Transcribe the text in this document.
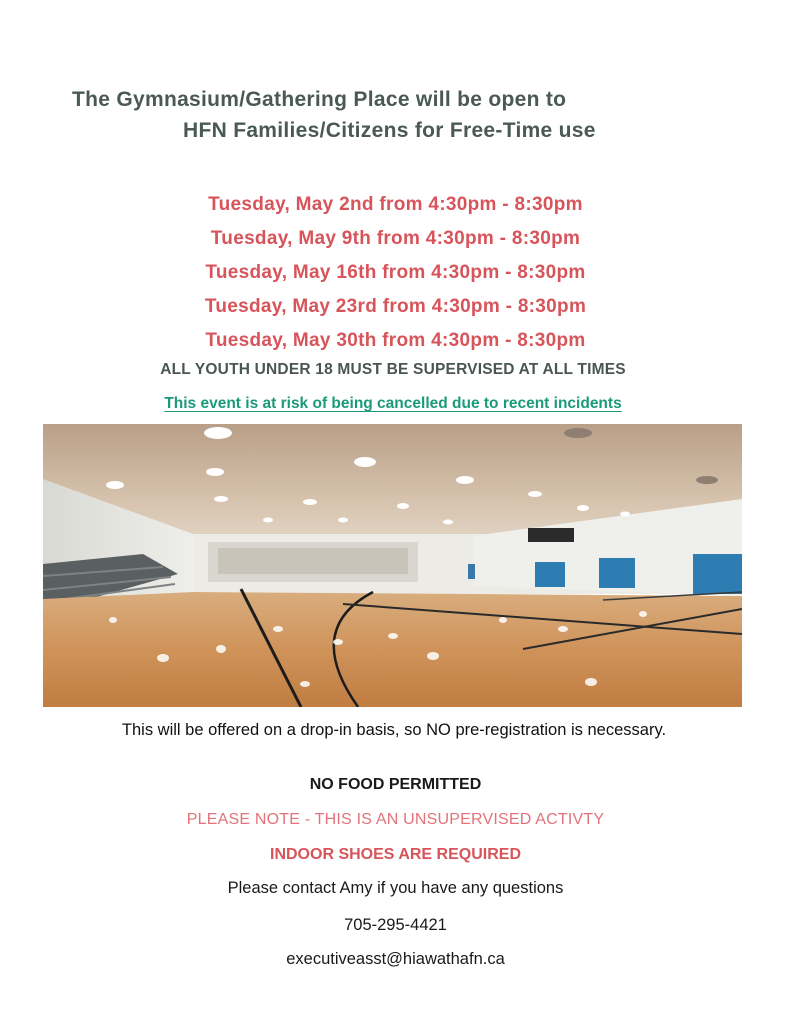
The Gymnasium/Gathering Place will be open to
HFN Families/Citizens for Free-Time use
Tuesday, May 2nd from 4:30pm - 8:30pm
Tuesday, May 9th from 4:30pm - 8:30pm
Tuesday, May 16th from 4:30pm - 8:30pm
Tuesday, May 23rd from 4:30pm - 8:30pm
Tuesday, May 30th from 4:30pm - 8:30pm
ALL YOUTH UNDER 18 MUST BE SUPERVISED AT ALL TIMES
This event is at risk of being cancelled due to recent incidents

This will be offered on a drop-in basis, so NO pre-registration is necessary.

NO FOOD PERMITTED

PLEASE NOTE - THIS IS AN UNSUPERVISED ACTIVTY

INDOOR SHOES ARE REQUIRED

Please contact Amy if you have any questions

705-295-4421

executiveasst@hiawathafn.ca
